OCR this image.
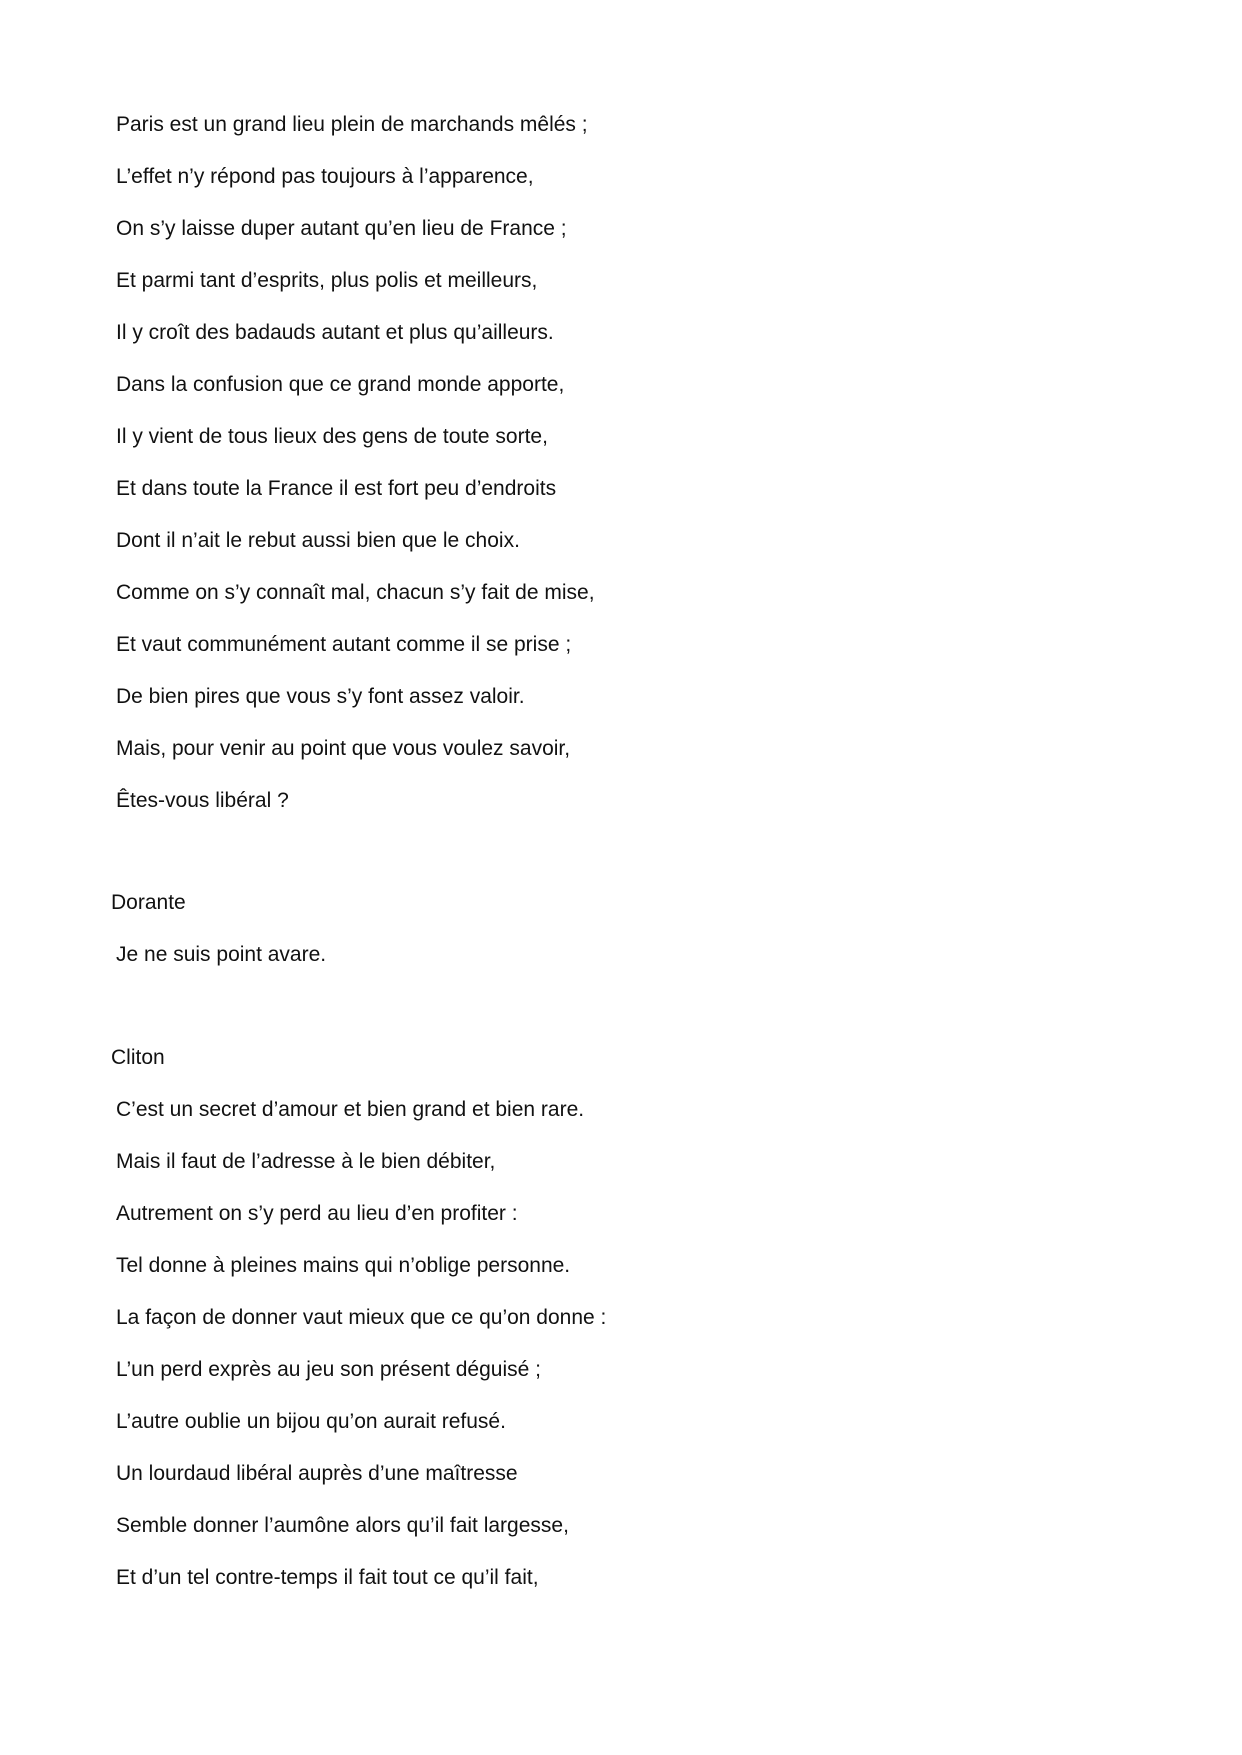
Paris est un grand lieu plein de marchands mêlés ;
L’effet n’y répond pas toujours à l’apparence,
On s’y laisse duper autant qu’en lieu de France ;
Et parmi tant d’esprits, plus polis et meilleurs,
Il y croît des badauds autant et plus qu’ailleurs.
Dans la confusion que ce grand monde apporte,
Il y vient de tous lieux des gens de toute sorte,
Et dans toute la France il est fort peu d’endroits
Dont il n’ait le rebut aussi bien que le choix.
Comme on s’y connaît mal, chacun s’y fait de mise,
Et vaut communément autant comme il se prise ;
De bien pires que vous s’y font assez valoir.
Mais, pour venir au point que vous voulez savoir,
Êtes-vous libéral ?
Dorante
Je ne suis point avare.
Cliton
C’est un secret d’amour et bien grand et bien rare.
Mais il faut de l’adresse à le bien débiter,
Autrement on s’y perd au lieu d’en profiter :
Tel donne à pleines mains qui n’oblige personne.
La façon de donner vaut mieux que ce qu’on donne :
L’un perd exprès au jeu son présent déguisé ;
L’autre oublie un bijou qu’on aurait refusé.
Un lourdaud libéral auprès d’une maîtresse
Semble donner l’aumône alors qu’il fait largesse,
Et d’un tel contre-temps il fait tout ce qu’il fait,
